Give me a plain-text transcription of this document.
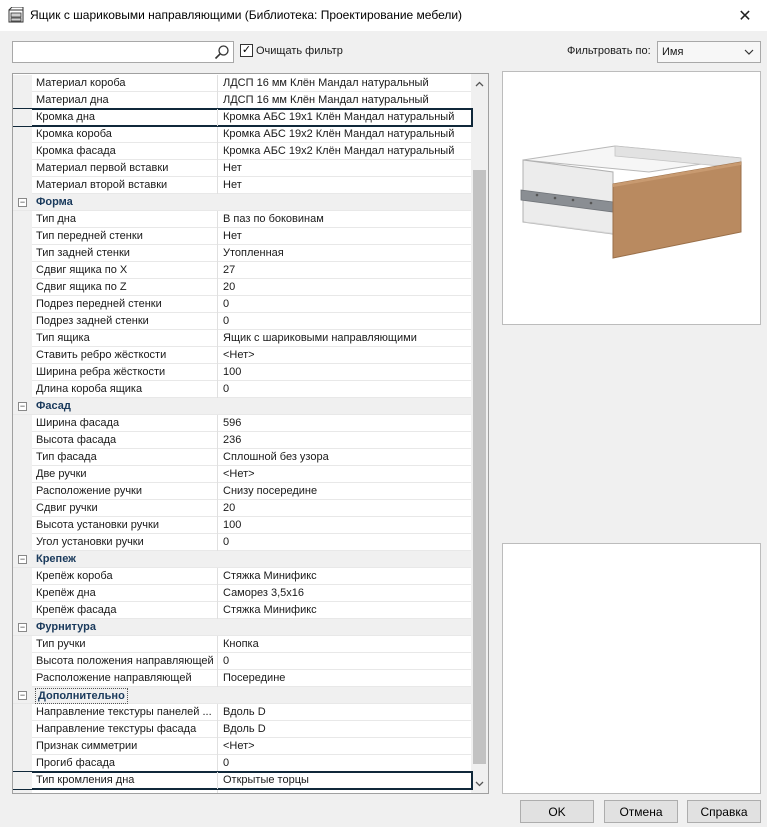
Ящик с шариковыми направляющими (Библиотека: Проектирование мебели)	✕
✓ Очищать фильтр	Фильтровать по: Имя
Материал короба	ЛДСП 16 мм Клён Мандал натуральный
Материал дна	ЛДСП 16 мм Клён Мандал натуральный
Кромка дна	Кромка АБС 19x1 Клён Мандал натуральный
Кромка короба	Кромка АБС 19x2 Клён Мандал натуральный
Кромка фасада	Кромка АБС 19x2 Клён Мандал натуральный
Материал первой вставки	Нет
Материал второй вставки	Нет
− Форма
Тип дна	В паз по боковинам
Тип передней стенки	Нет
Тип задней стенки	Утопленная
Сдвиг ящика по X	27
Сдвиг ящика по Z	20
Подрез передней стенки	0
Подрез задней стенки	0
Тип ящика	Ящик с шариковыми направляющими
Ставить ребро жёсткости	<Нет>
Ширина ребра жёсткости	100
Длина короба ящика	0
− Фасад
Ширина фасада	596
Высота фасада	236
Тип фасада	Сплошной без узора
Две ручки	<Нет>
Расположение ручки	Снизу посередине
Сдвиг ручки	20
Высота установки ручки	100
Угол установки ручки	0
− Крепеж
Крепёж короба	Стяжка Минификс
Крепёж дна	Саморез 3,5x16
Крепёж фасада	Стяжка Минификс
− Фурнитура
Тип ручки	Кнопка
Высота положения направляющей 0
Расположение направляющей	Посередине
− Дополнительно
Направление текстуры панелей ...	Вдоль D
Направление текстуры фасада	Вдоль D
Признак симметрии	<Нет>
Прогиб фасада	0
Тип кромления дна	Открытые торцы
OK	Отмена	Справка
